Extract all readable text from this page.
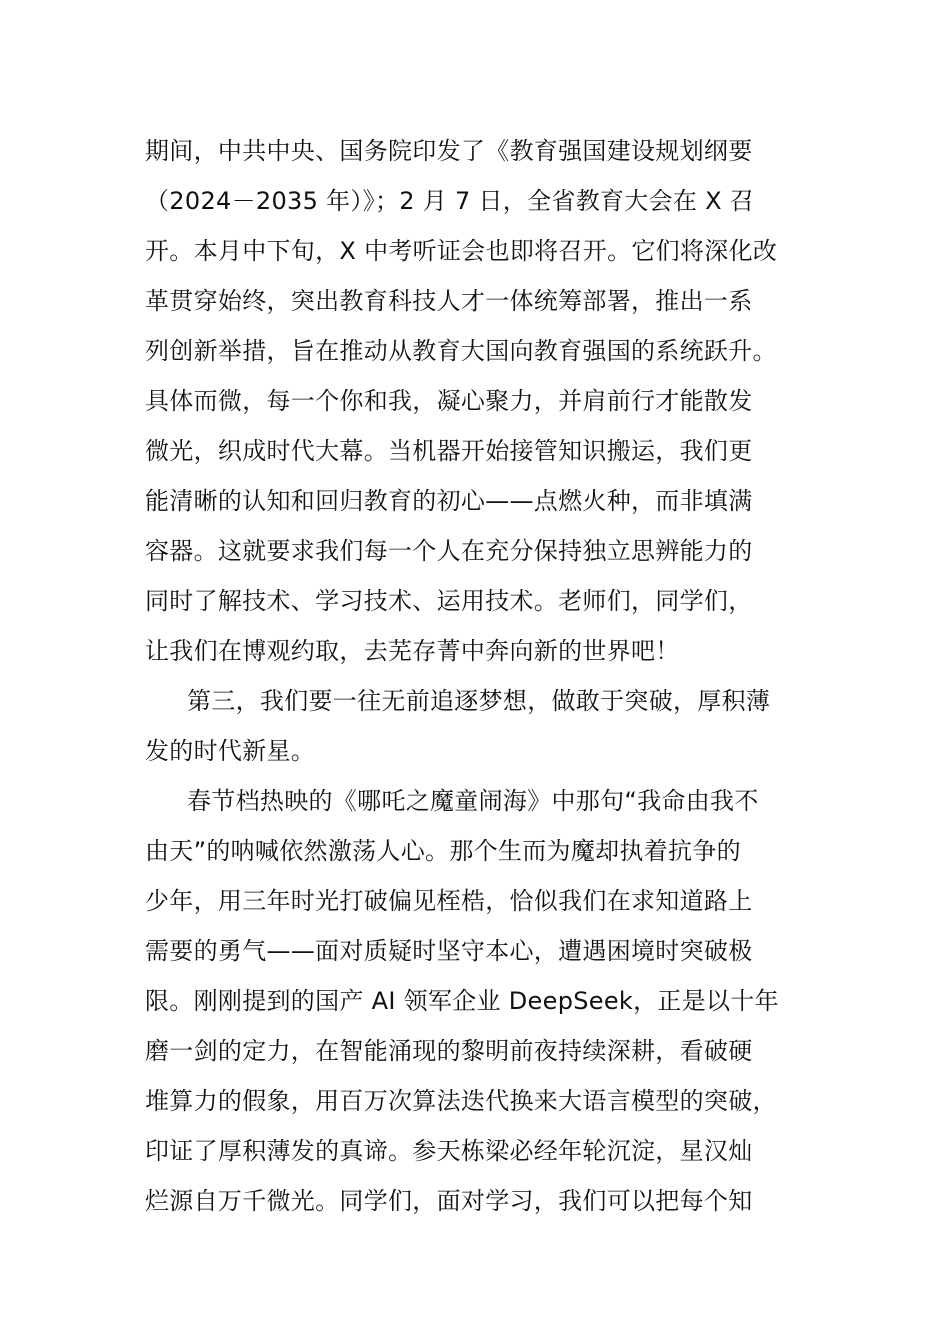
期间，中共中央、国务院印发了《教育强国建设规划纲要
（2024－2035 年）》；2 月 7 日，全省教育大会在 X 召
开。本月中下旬，X 中考听证会也即将召开。它们将深化改
革贯穿始终，突出教育科技人才一体统筹部署，推出一系
列创新举措，旨在推动从教育大国向教育强国的系统跃升。
具体而微，每一个你和我，凝心聚力，并肩前行才能散发
微光，织成时代大幕。当机器开始接管知识搬运，我们更
能清晰的认知和回归教育的初心——点燃火种，而非填满
容器。这就要求我们每一个人在充分保持独立思辨能力的
同时了解技术、学习技术、运用技术。老师们，同学们，
让我们在博观约取，去芜存菁中奔向新的世界吧！
第三，我们要一往无前追逐梦想，做敢于突破，厚积薄
发的时代新星。
春节档热映的《哪吒之魔童闹海》中那句“我命由我不
由天”的呐喊依然激荡人心。那个生而为魔却执着抗争的
少年，用三年时光打破偏见桎梏，恰似我们在求知道路上
需要的勇气——面对质疑时坚守本心，遭遇困境时突破极
限。刚刚提到的国产 AI 领军企业 DeepSeek，正是以十年
磨一剑的定力，在智能涌现的黎明前夜持续深耕，看破硬
堆算力的假象，用百万次算法迭代换来大语言模型的突破，
印证了厚积薄发的真谛。参天栋梁必经年轮沉淀，星汉灿
烂源自万千微光。同学们，面对学习，我们可以把每个知
